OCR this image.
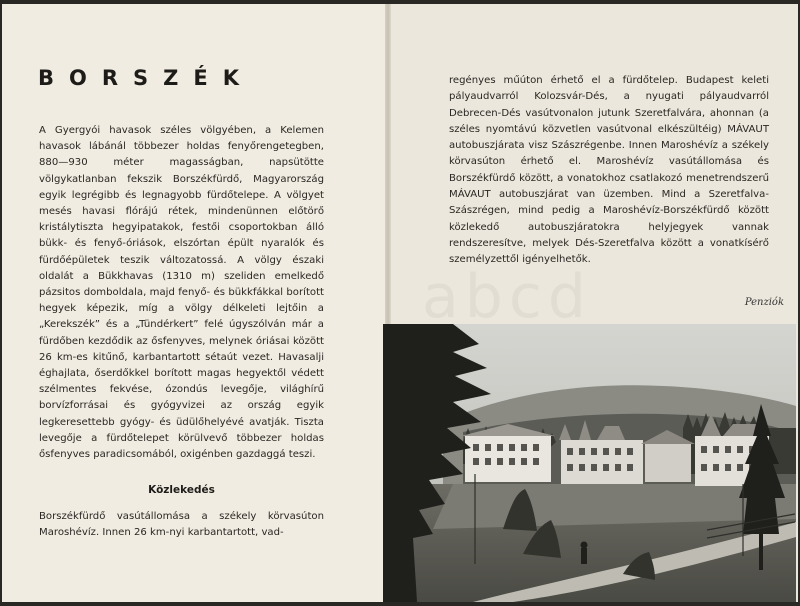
regényes műúton érhető el a fürdőtelep. Budapest keleti pályaudvarról Kolozsvár-Dés, a nyugati pályaudvarról Debrecen-Dés vasútvonalon jutunk Szeretfalvára, ahonnan (a széles nyomtávú közvetlen vasútvonal elkészültéig) MÁVAUT autobuszjárata visz Szászrégenbe. Innen Maroshévíz a székely körvasúton érhető el. Maroshévíz vasútállomása és Borszékfürdő között, a vonatokhoz csatlakozó menetrendszerű MÁVAUT autobuszjárat van üzemben. Mind a Szeretfalva-Szászrégen, mind pedig a Maroshévíz-Borszékfürdő között közlekedő autobuszjáratokra helyjegyek vannak rendszeresítve, melyek Dés-Szeretfalva között a vonatkísérő személyzettől igényelhetők.

Penziók

BORSZÉK

A Gyergyói havasok széles völgyében, a Kelemen havasok lábánál többezer holdas fenyőrengetegben, 880—930 méter magasságban, napsütötte völgykatlanban fekszik Borszékfürdő, Magyarország egyik legrégibb és legnagyobb fürdőtelepe. A völgyet mesés havasi flórájú rétek, mindenünnen előtörő kristálytiszta hegyipatakok, festői csoportokban álló bükk- és fenyő-óriások, elszórtan épült nyaralók és fürdőépületek teszik változatossá. A völgy északi oldalát a Bükkhavas (1310 m) szeliden emelkedő pázsitos domboldala, majd fenyő- és bükkfákkal borított hegyek képezik, míg a völgy délkeleti lejtőin a „Kerekszék” és a „Tündérkert” felé úgyszólván már a fürdőben kezdődik az ősfenyves, melynek óriásai között 26 km-es kitűnő, karbantartott sétaút vezet. Havasalji éghajlata, őserdőkkel borított magas hegyektől védett szélmentes fekvése, ózondús levegője, világhírű borvízforrásai és gyógyvizei az ország egyik legkeresettebb gyógy- és üdülőhelyévé avatják. Tiszta levegője a fürdőtelepet körülvevő többezer holdas ősfenyves paradicsomából, oxigénben gazdaggá teszi.

Közlekedés

Borszékfürdő vasútállomása a székely körvasúton Maroshévíz. Innen 26 km-nyi karbantartott, vad-

abcd
